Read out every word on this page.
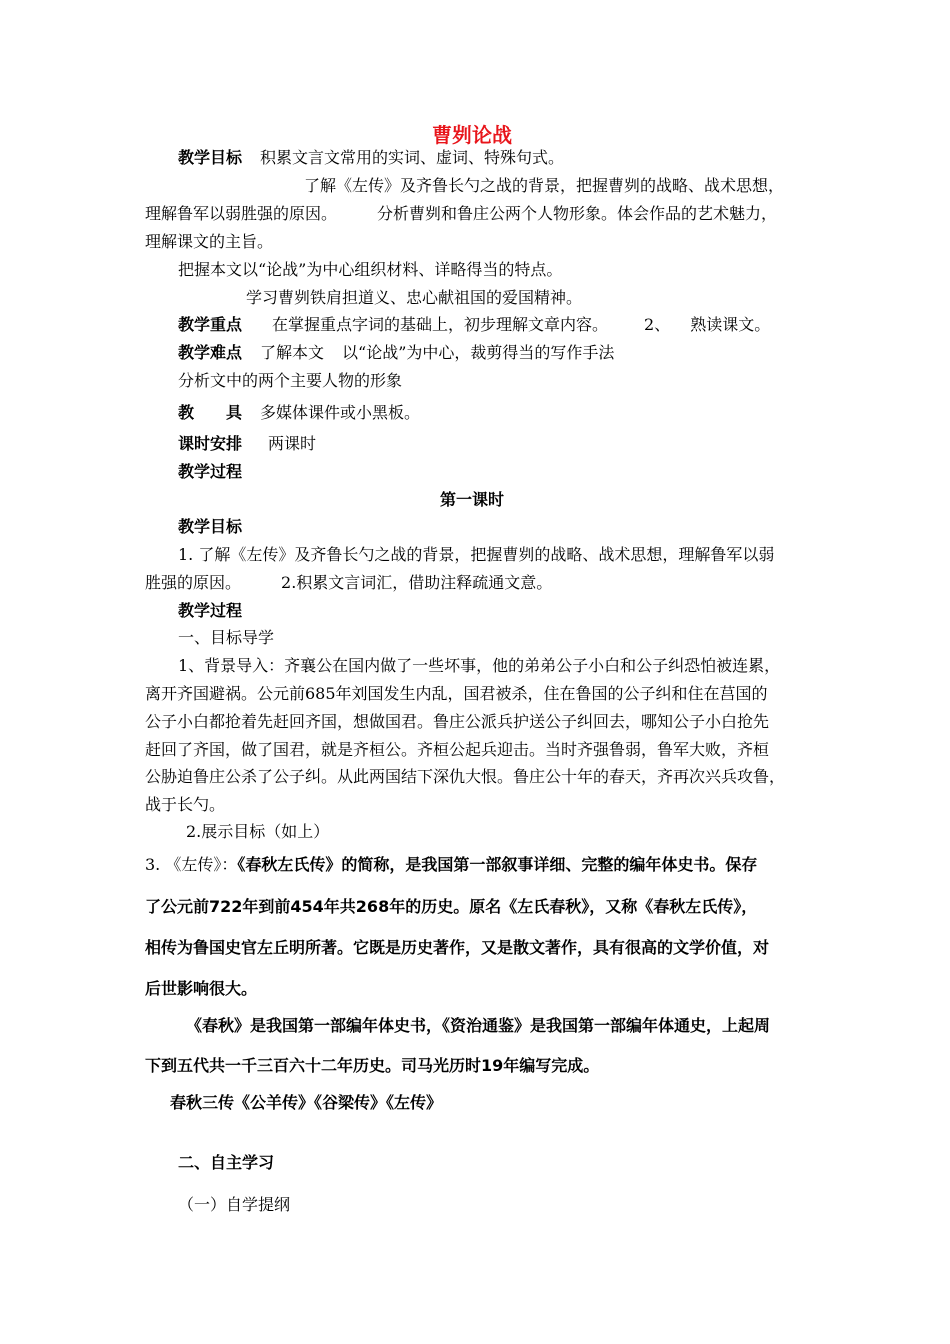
曹刿论战
教学目标 积累文言文常用的实词、虚词、特殊句式。
了解《左传》及齐鲁长勺之战的背景，把握曹刿的战略、战术思想，
理解鲁军以弱胜强的原因。	分析曹刿和鲁庄公两个人物形象。体会作品的艺术魅力，
理解课文的主旨。
把握本文以“论战”为中心组织材料、详略得当的特点。
学习曹刿铁肩担道义、忠心献祖国的爱国精神。
教学重点 在掌握重点字词的基础上，初步理解文章内容。 2、 熟读课文。
教学难点 了解本文 以“论战”为中心，裁剪得当的写作手法
分析文中的两个主要人物的形象
教　　具 多媒体课件或小黑板。
课时安排 两课时
教学过程
第一课时
教学目标
1. 了解《左传》及齐鲁长勺之战的背景，把握曹刿的战略、战术思想，理解鲁军以弱
胜强的原因。	2.积累文言词汇，借助注释疏通文意。
教学过程
一、目标导学
1、背景导入：齐襄公在国内做了一些坏事，他的弟弟公子小白和公子纠恐怕被连累，
离开齐国避祸。公元前685年刘国发生内乱，国君被杀，住在鲁国的公子纠和住在莒国的
公子小白都抢着先赶回齐国，想做国君。鲁庄公派兵护送公子纠回去，哪知公子小白抢先
赶回了齐国，做了国君，就是齐桓公。齐桓公起兵迎击。当时齐强鲁弱，鲁军大败，齐桓
公胁迫鲁庄公杀了公子纠。从此两国结下深仇大恨。鲁庄公十年的春天，齐再次兴兵攻鲁，
战于长勺。
2.展示目标（如上）
3. 《左传》：《春秋左氏传》的简称，是我国第一部叙事详细、完整的编年体史书。保存
了公元前722年到前454年共268年的历史。原名《左氏春秋》，又称《春秋左氏传》，
相传为鲁国史官左丘明所著。它既是历史著作，又是散文著作，具有很高的文学价值，对
后世影响很大。
《春秋》是我国第一部编年体史书，《资治通鉴》是我国第一部编年体通史，上起周
下到五代共一千三百六十二年历史。司马光历时19年编写完成。
春秋三传《公羊传》《谷梁传》《左传》
二、自主学习
（一）自学提纲
